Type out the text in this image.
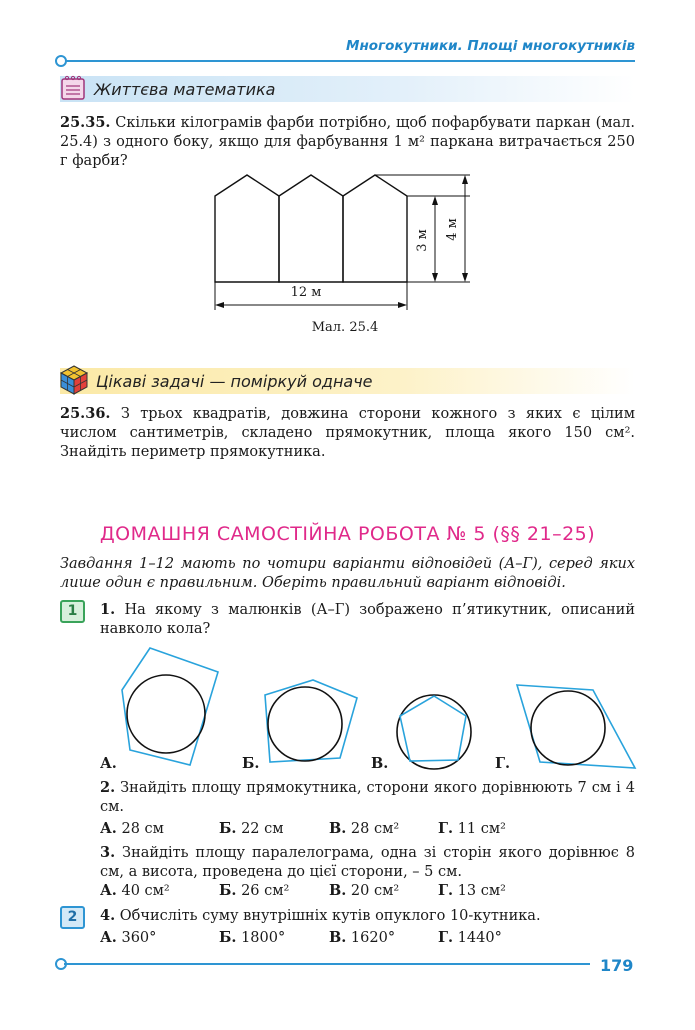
Многокутники. Площі многокутників
Життєва математика
25.35. Скільки кілограмів фарби потрібно, щоб пофарбувати паркан (мал. 25.4) з одного боку, якщо для фарбування 1 м² паркана витрачається 250 г фарби?
12 м
3 м 4 м
Мал. 25.4
Цікаві задачі — поміркуй одначе
25.36. З трьох квадратів, довжина сторони кожного з яких є цілим числом сантиметрів, складено прямокутник, площа якого 150 см². Знайдіть периметр прямокутника.
ДОМАШНЯ САМОСТІЙНА РОБОТА № 5 (§§ 21–25)
Завдання 1–12 мають по чотири варіанти відповідей (А–Г), серед яких лише один є правильним. Оберіть правильний варіант відповіді.
1	1. На якому з малюнків (А–Г) зображено п’ятикутник, описаний навколо кола?
А.	Б.	В.	Г.
2. Знайдіть площу прямокутника, сторони якого дорівнюють 7 см і 4 см.
А. 28 см	Б. 22 см	В. 28 см²	Г. 11 см²
3. Знайдіть площу паралелограма, одна зі сторін якого дорівнює 8 см, а висота, проведена до цієї сторони, – 5 см.
А. 40 см²	Б. 26 см²	В. 20 см²	Г. 13 см²
2	4. Обчисліть суму внутрішніх кутів опуклого 10-кутника.
А. 360°	Б. 1800°	В. 1620°	Г. 1440°
179
